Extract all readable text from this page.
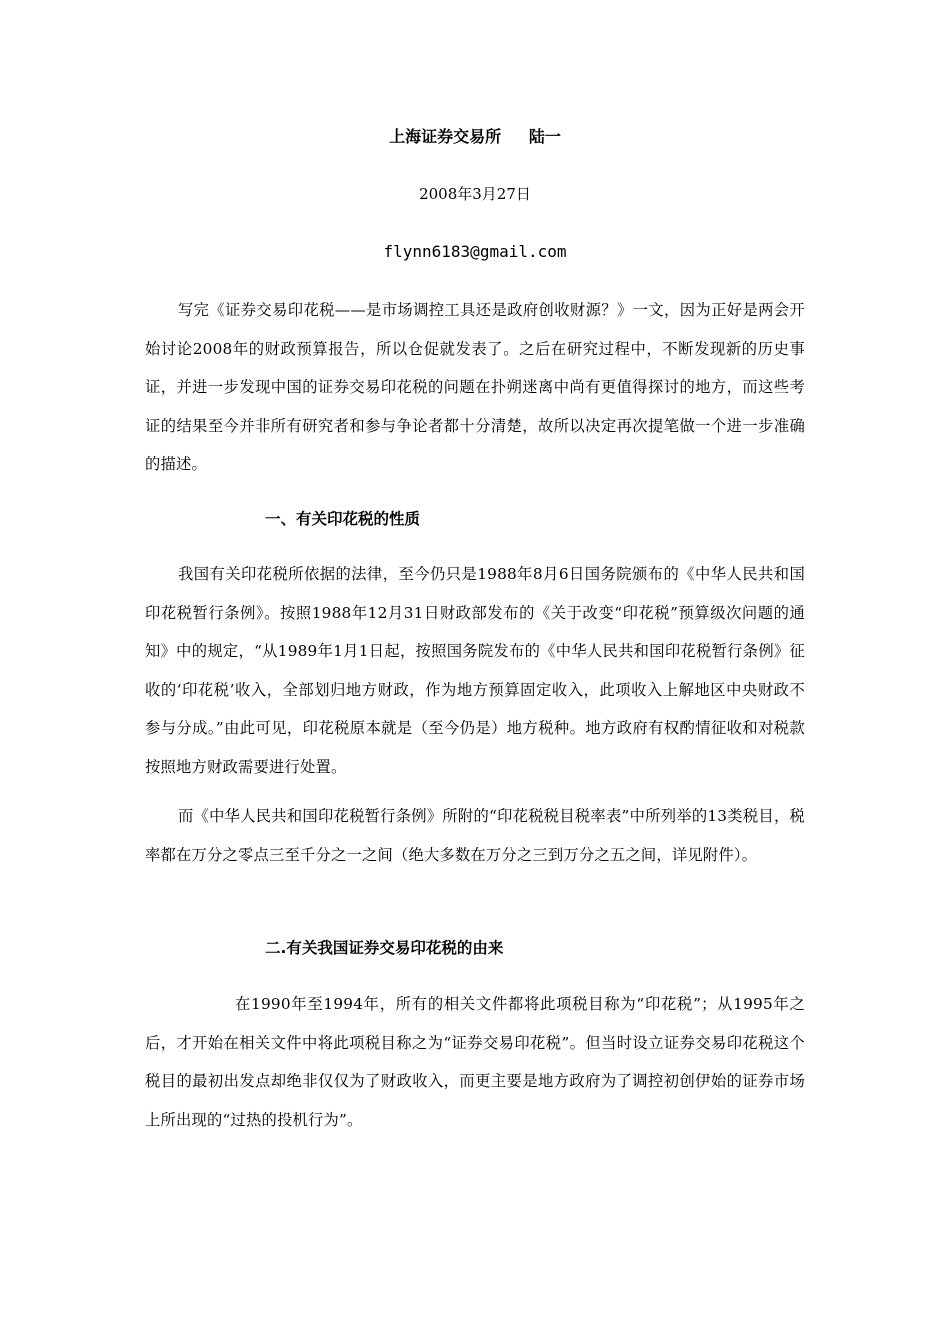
上海证券交易所     陆一
2008年3月27日
flynn6183@gmail.com

写完《证券交易印花税——是市场调控工具还是政府创收财源？》一文，因为正好是两会开始讨论2008年的财政预算报告，所以仓促就发表了。之后在研究过程中，不断发现新的历史事证，并进一步发现中国的证券交易印花税的问题在扑朔迷离中尚有更值得探讨的地方，而这些考证的结果至今并非所有研究者和参与争论者都十分清楚，故所以决定再次提笔做一个进一步准确的描述。

一、有关印花税的性质

我国有关印花税所依据的法律，至今仍只是1988年8月6日国务院颁布的《中华人民共和国印花税暂行条例》。按照1988年12月31日财政部发布的《关于改变“印花税”预算级次问题的通知》中的规定，“从1989年1月1日起，按照国务院发布的《中华人民共和国印花税暂行条例》征收的‘印花税’收入，全部划归地方财政，作为地方预算固定收入，此项收入上解地区中央财政不参与分成。”由此可见，印花税原本就是（至今仍是）地方税种。地方政府有权酌情征收和对税款按照地方财政需要进行处置。

而《中华人民共和国印花税暂行条例》所附的“印花税税目税率表”中所列举的13类税目，税率都在万分之零点三至千分之一之间（绝大多数在万分之三到万分之五之间，详见附件）。

二.有关我国证券交易印花税的由来

在1990年至1994年，所有的相关文件都将此项税目称为“印花税”；从1995年之后，才开始在相关文件中将此项税目称之为“证券交易印花税”。但当时设立证券交易印花税这个税目的最初出发点却绝非仅仅为了财政收入，而更主要是地方政府为了调控初创伊始的证券市场上所出现的“过热的投机行为”。
